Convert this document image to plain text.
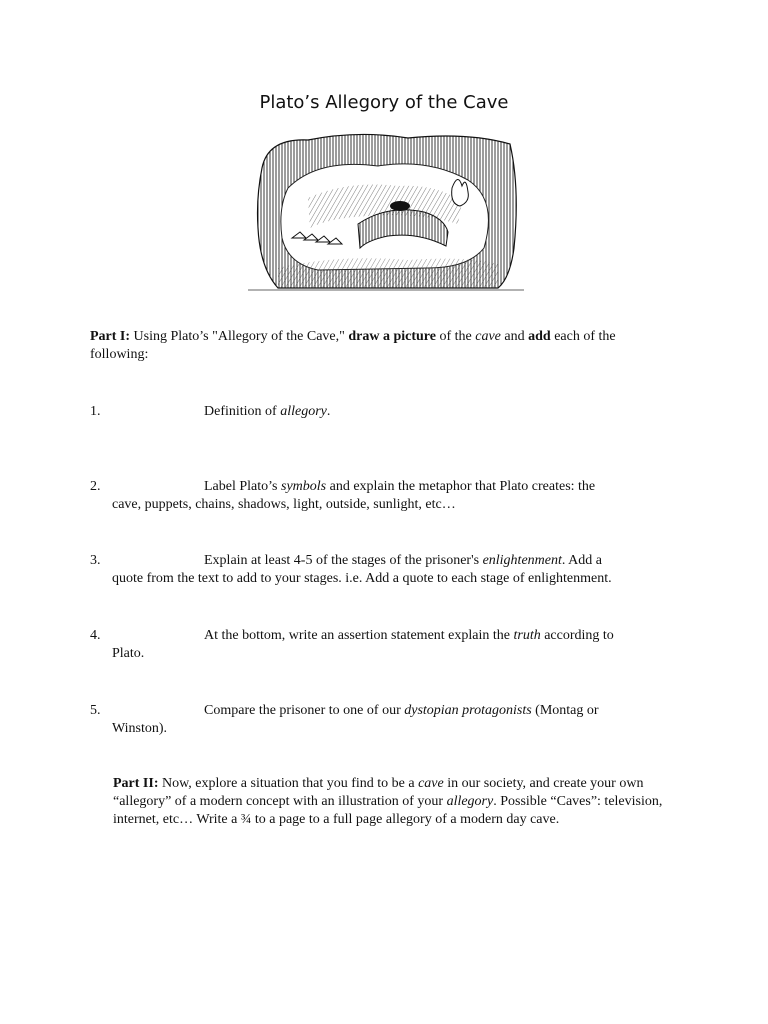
Plato’s Allegory of the Cave

Part I: Using Plato’s "Allegory of the Cave," draw a picture of the cave and add each of the following:

1.	Definition of allegory.
2.	Label Plato’s symbols and explain the metaphor that Plato creates: the
cave, puppets, chains, shadows, light, outside, sunlight, etc…
3.	Explain at least 4-5 of the stages of the prisoner's enlightenment. Add a
quote from the text to add to your stages. i.e. Add a quote to each stage of enlightenment.
4.	At the bottom, write an assertion statement explain the truth according to
Plato.
5.	Compare the prisoner to one of our dystopian protagonists (Montag or
Winston).

Part II: Now, explore a situation that you find to be a cave in our society, and create your own “allegory” of a modern concept with an illustration of your allegory. Possible “Caves”: television, internet, etc… Write a ¾ to a page to a full page allegory of a modern day cave.
